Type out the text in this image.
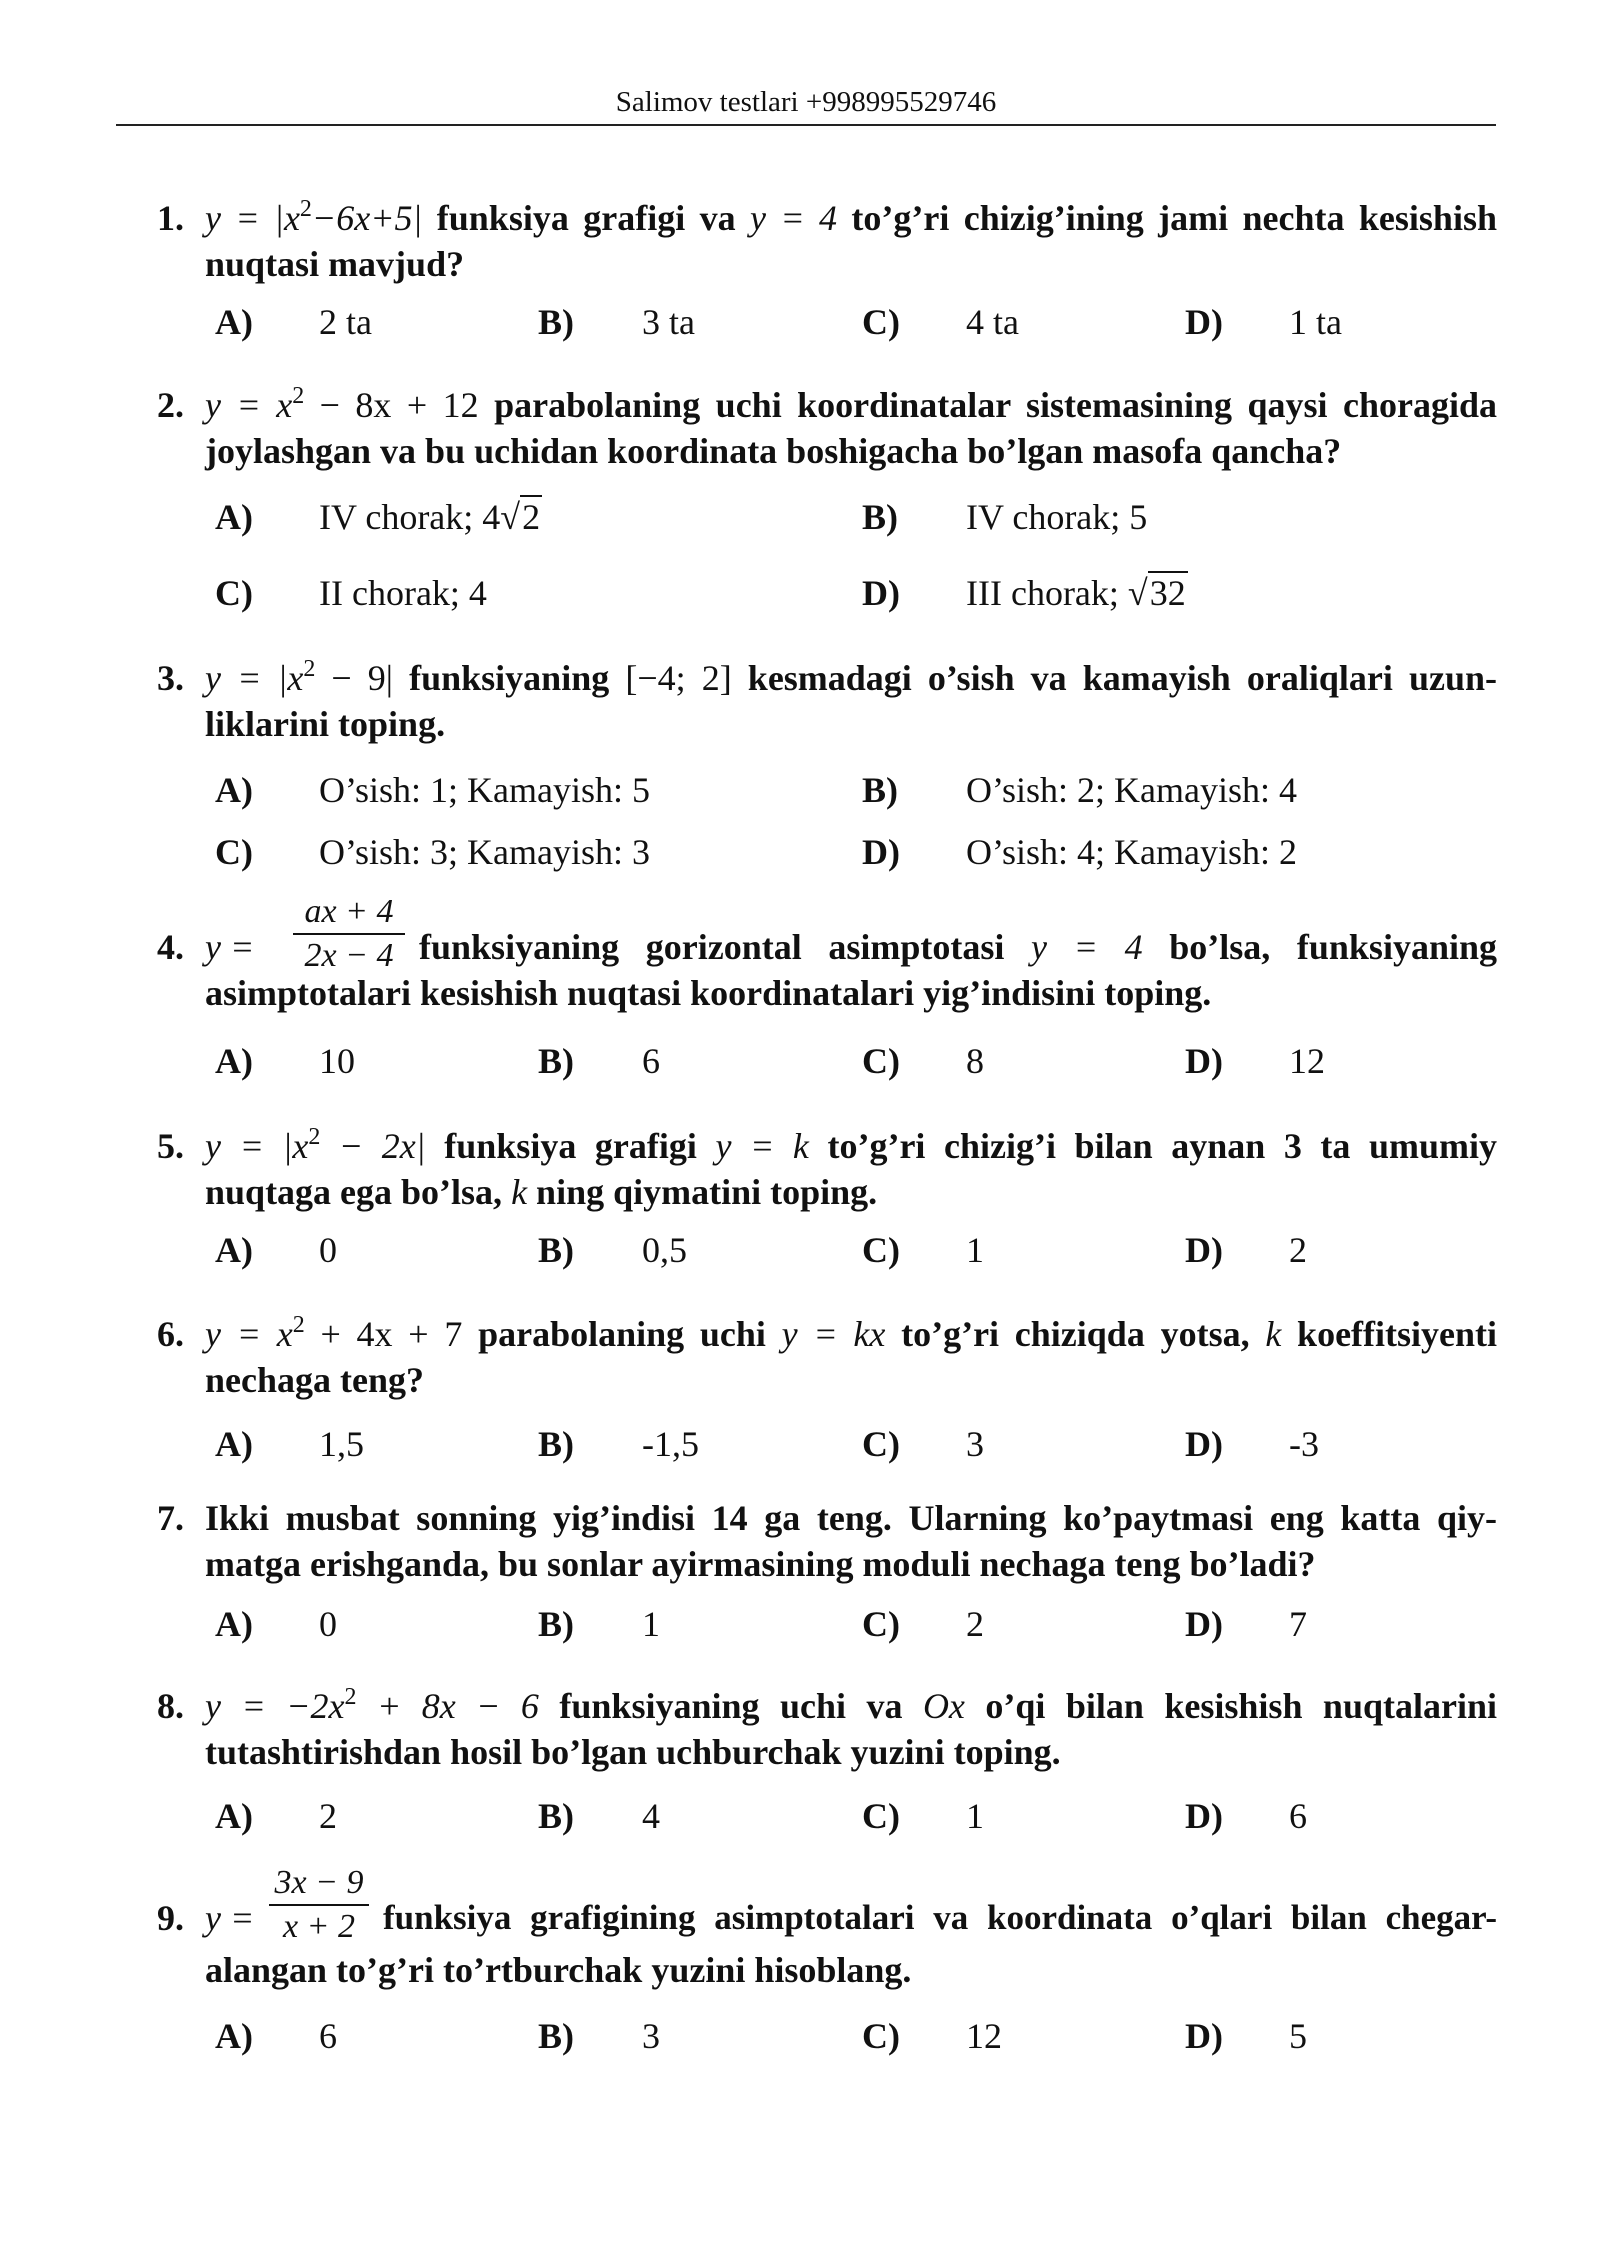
Salimov testlari +998995529746
1. $y = |x^2-6x+5|$ funksiya grafigi va y = 4 to’g’ri chizig’ining jami nechta kesishish
nuqtasi mavjud?
A) 2 ta	B) 3 ta	C) 4 ta	D) 1 ta
2. $y = x^2 - 8x + 12$ parabolaning uchi koordinatalar sistemasining qaysi choragida
joylashgan va bu uchidan koordinata boshigacha bo’lgan masofa qancha?
A) IV chorak; 4√2	B) IV chorak; 5
C) II chorak; 4	D) III chorak; √32
3. $y = |x^2 - 9|$ funksiyaning [−4; 2] kesmadagi o’sish va kamayish oraliqlari uzun-
liklarini toping.
A) O’sish: 1; Kamayish: 5	B) O’sish: 2; Kamayish: 4
C) O’sish: 3; Kamayish: 3	D) O’sish: 4; Kamayish: 2
4. y =
ax + 4
2x − 4 funksiyaning gorizontal asimptotasi y = 4 bo’lsa, funksiyaning
asimptotalari kesishish nuqtasi koordinatalari yig’indisini toping.
A) 10	B) 6	C) 8	D) 12
5. $y = |x^2 - 2x|$ funksiya grafigi y = k to’g’ri chizig’i bilan aynan 3 ta umumiy
nuqtaga ega bo’lsa, k ning qiymatini toping.
A) 0	B) 0,5	C) 1	D) 2
6. $y = x^2 + 4x + 7$ parabolaning uchi y = kx to’g’ri chiziqda yotsa, k koeffitsiyenti
nechaga teng?
A) 1,5	B) -1,5	C) 3	D) -3
7. Ikki musbat sonning yig’indisi 14 ga teng. Ularning ko’paytmasi eng katta qiy-
matga erishganda, bu sonlar ayirmasining moduli nechaga teng bo’ladi?
A) 0	B) 1	C) 2	D) 7
8. $y = -2x^2 + 8x - 6$ funksiyaning uchi va Ox o’qi bilan kesishish nuqtalarini
tutashtirishdan hosil bo’lgan uchburchak yuzini toping.
A) 2	B) 4	C) 1	D) 6
9. y =
3x − 9
x + 2 funksiya grafigining asimptotalari va koordinata o’qlari bilan chegar-
alangan to’g’ri to’rtburchak yuzini hisoblang.
A) 6	B) 3	C) 12	D) 5
